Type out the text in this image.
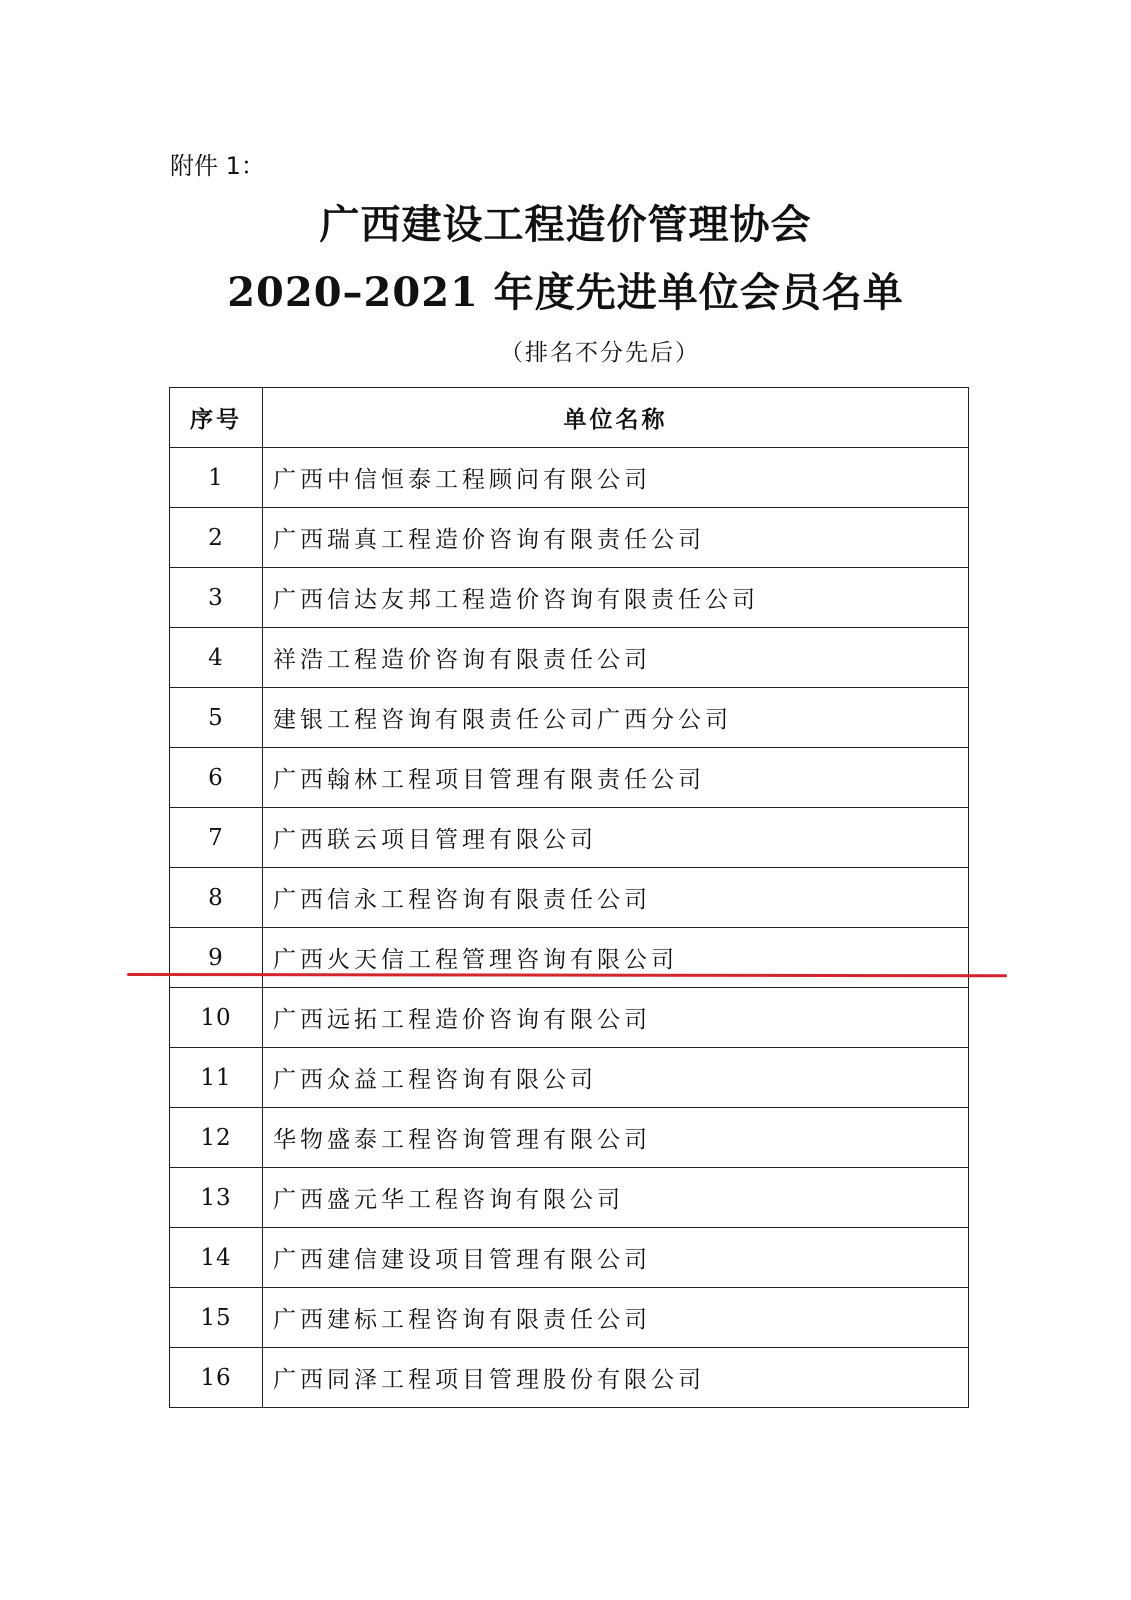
附件 1：
广西建设工程造价管理协会
2020–2021 年度先进单位会员名单
（排名不分先后）
序号	单位名称
1	广西中信恒泰工程顾问有限公司
2	广西瑞真工程造价咨询有限责任公司
3	广西信达友邦工程造价咨询有限责任公司
4	祥浩工程造价咨询有限责任公司
5	建银工程咨询有限责任公司广西分公司
6	广西翰林工程项目管理有限责任公司
7	广西联云项目管理有限公司
8	广西信永工程咨询有限责任公司
9	广西火天信工程管理咨询有限公司
10	广西远拓工程造价咨询有限公司
11	广西众益工程咨询有限公司
12	华物盛泰工程咨询管理有限公司
13	广西盛元华工程咨询有限公司
14	广西建信建设项目管理有限公司
15	广西建标工程咨询有限责任公司
16	广西同泽工程项目管理股份有限公司
